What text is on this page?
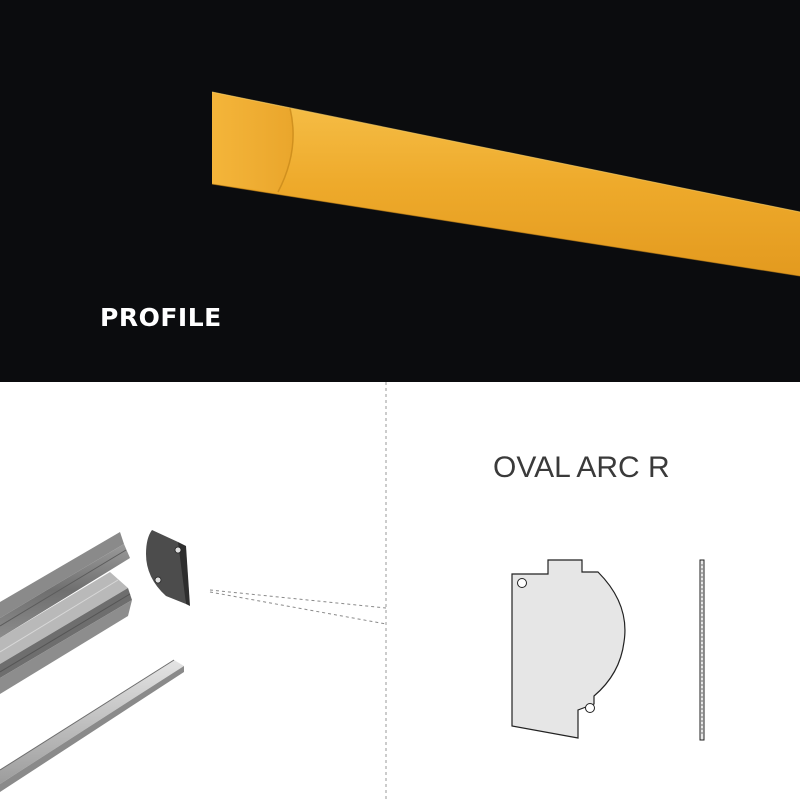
PROFILE
OVAL ARC R
